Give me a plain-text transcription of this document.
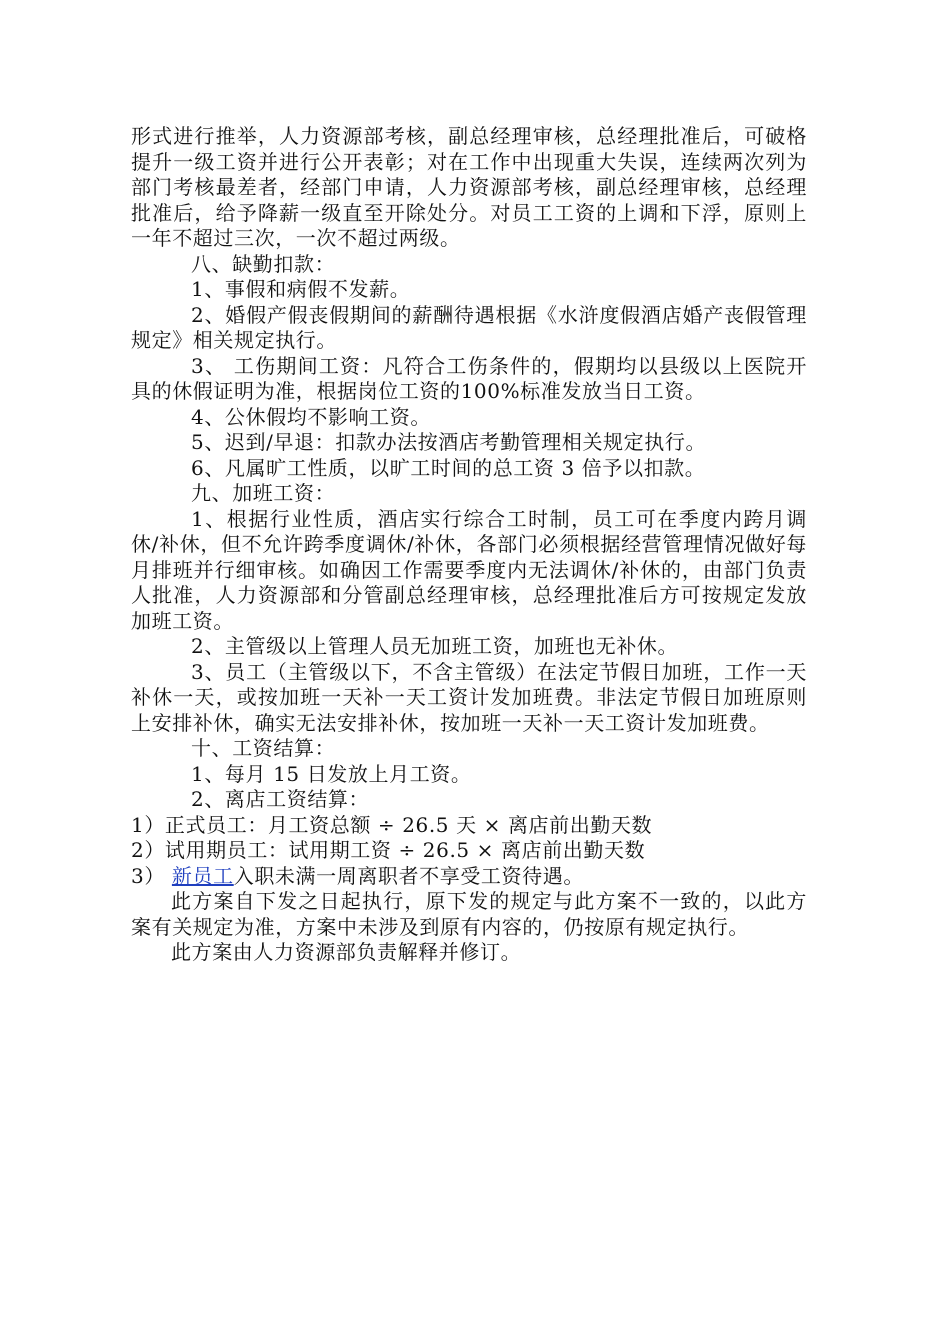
形式进行推举，人力资源部考核，副总经理审核，总经理批准后，可破格提升一级工资并进行公开表彰；对在工作中出现重大失误，连续两次列为部门考核最差者，经部门申请，人力资源部考核，副总经理审核，总经理批准后，给予降薪一级直至开除处分。对员工工资的上调和下浮，原则上一年不超过三次，一次不超过两级。

八、缺勤扣款：

1、事假和病假不发薪。

2、婚假产假丧假期间的薪酬待遇根据《水浒度假酒店婚产丧假管理规定》相关规定执行。

3、 工伤期间工资：凡符合工伤条件的，假期均以县级以上医院开具的休假证明为准，根据岗位工资的100%标准发放当日工资。

4、公休假均不影响工资。

5、迟到/早退：扣款办法按酒店考勤管理相关规定执行。

6、凡属旷工性质，以旷工时间的总工资 3 倍予以扣款。

九、加班工资：

1、根据行业性质，酒店实行综合工时制，员工可在季度内跨月调休/补休，但不允许跨季度调休/补休，各部门必须根据经营管理情况做好每月排班并行细审核。如确因工作需要季度内无法调休/补休的，由部门负责人批准，人力资源部和分管副总经理审核，总经理批准后方可按规定发放加班工资。

2、主管级以上管理人员无加班工资，加班也无补休。

3、员工（主管级以下，不含主管级）在法定节假日加班，工作一天补休一天，或按加班一天补一天工资计发加班费。非法定节假日加班原则上安排补休，确实无法安排补休，按加班一天补一天工资计发加班费。

十、工资结算：

1、每月 15 日发放上月工资。

2、离店工资结算：

1）正式员工：月工资总额 ÷ 26.5 天 × 离店前出勤天数

2）试用期员工：试用期工资 ÷ 26.5 × 离店前出勤天数

3） 新员工入职未满一周离职者不享受工资待遇。

此方案自下发之日起执行，原下发的规定与此方案不一致的，以此方案有关规定为准，方案中未涉及到原有内容的，仍按原有规定执行。

此方案由人力资源部负责解释并修订。
